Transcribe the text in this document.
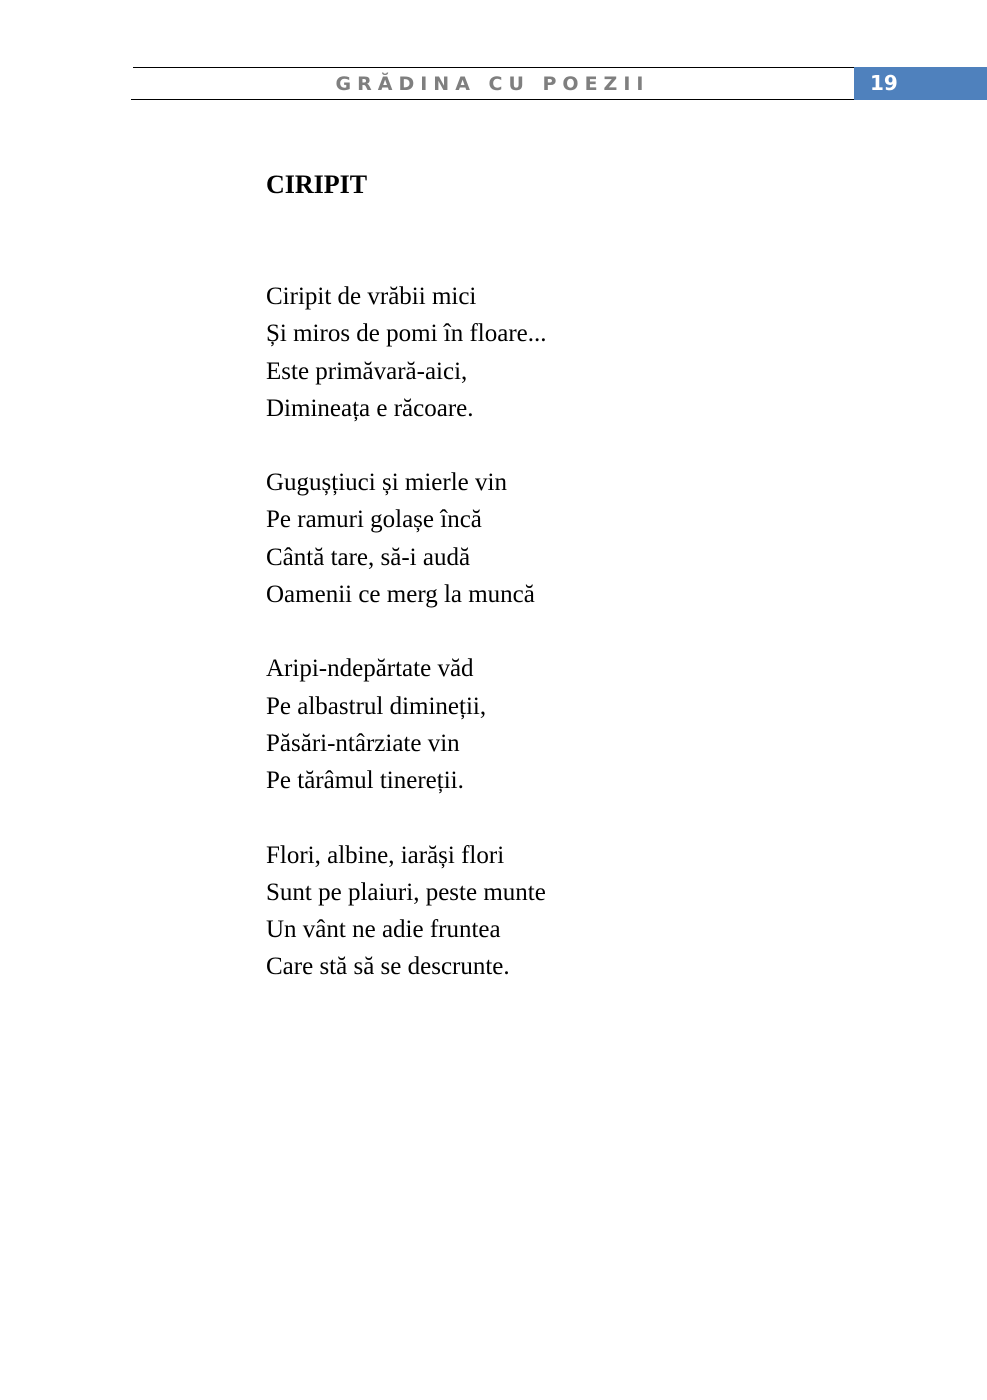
GRĂDINA CU POEZII	19
CIRIPIT
Ciripit de vrăbii mici
Și miros de pomi în floare...
Este primăvară-aici,
Dimineața e răcoare.
Gugușțiuci și mierle vin
Pe ramuri golașe încă
Cântă tare, să-i audă
Oamenii ce merg la muncă
Aripi-ndepărtate văd
Pe albastrul dimineții,
Păsări-ntârziate vin
Pe tărâmul tinereții.
Flori, albine, iarăși flori
Sunt pe plaiuri, peste munte
Un vânt ne adie fruntea
Care stă să se descrunte.
